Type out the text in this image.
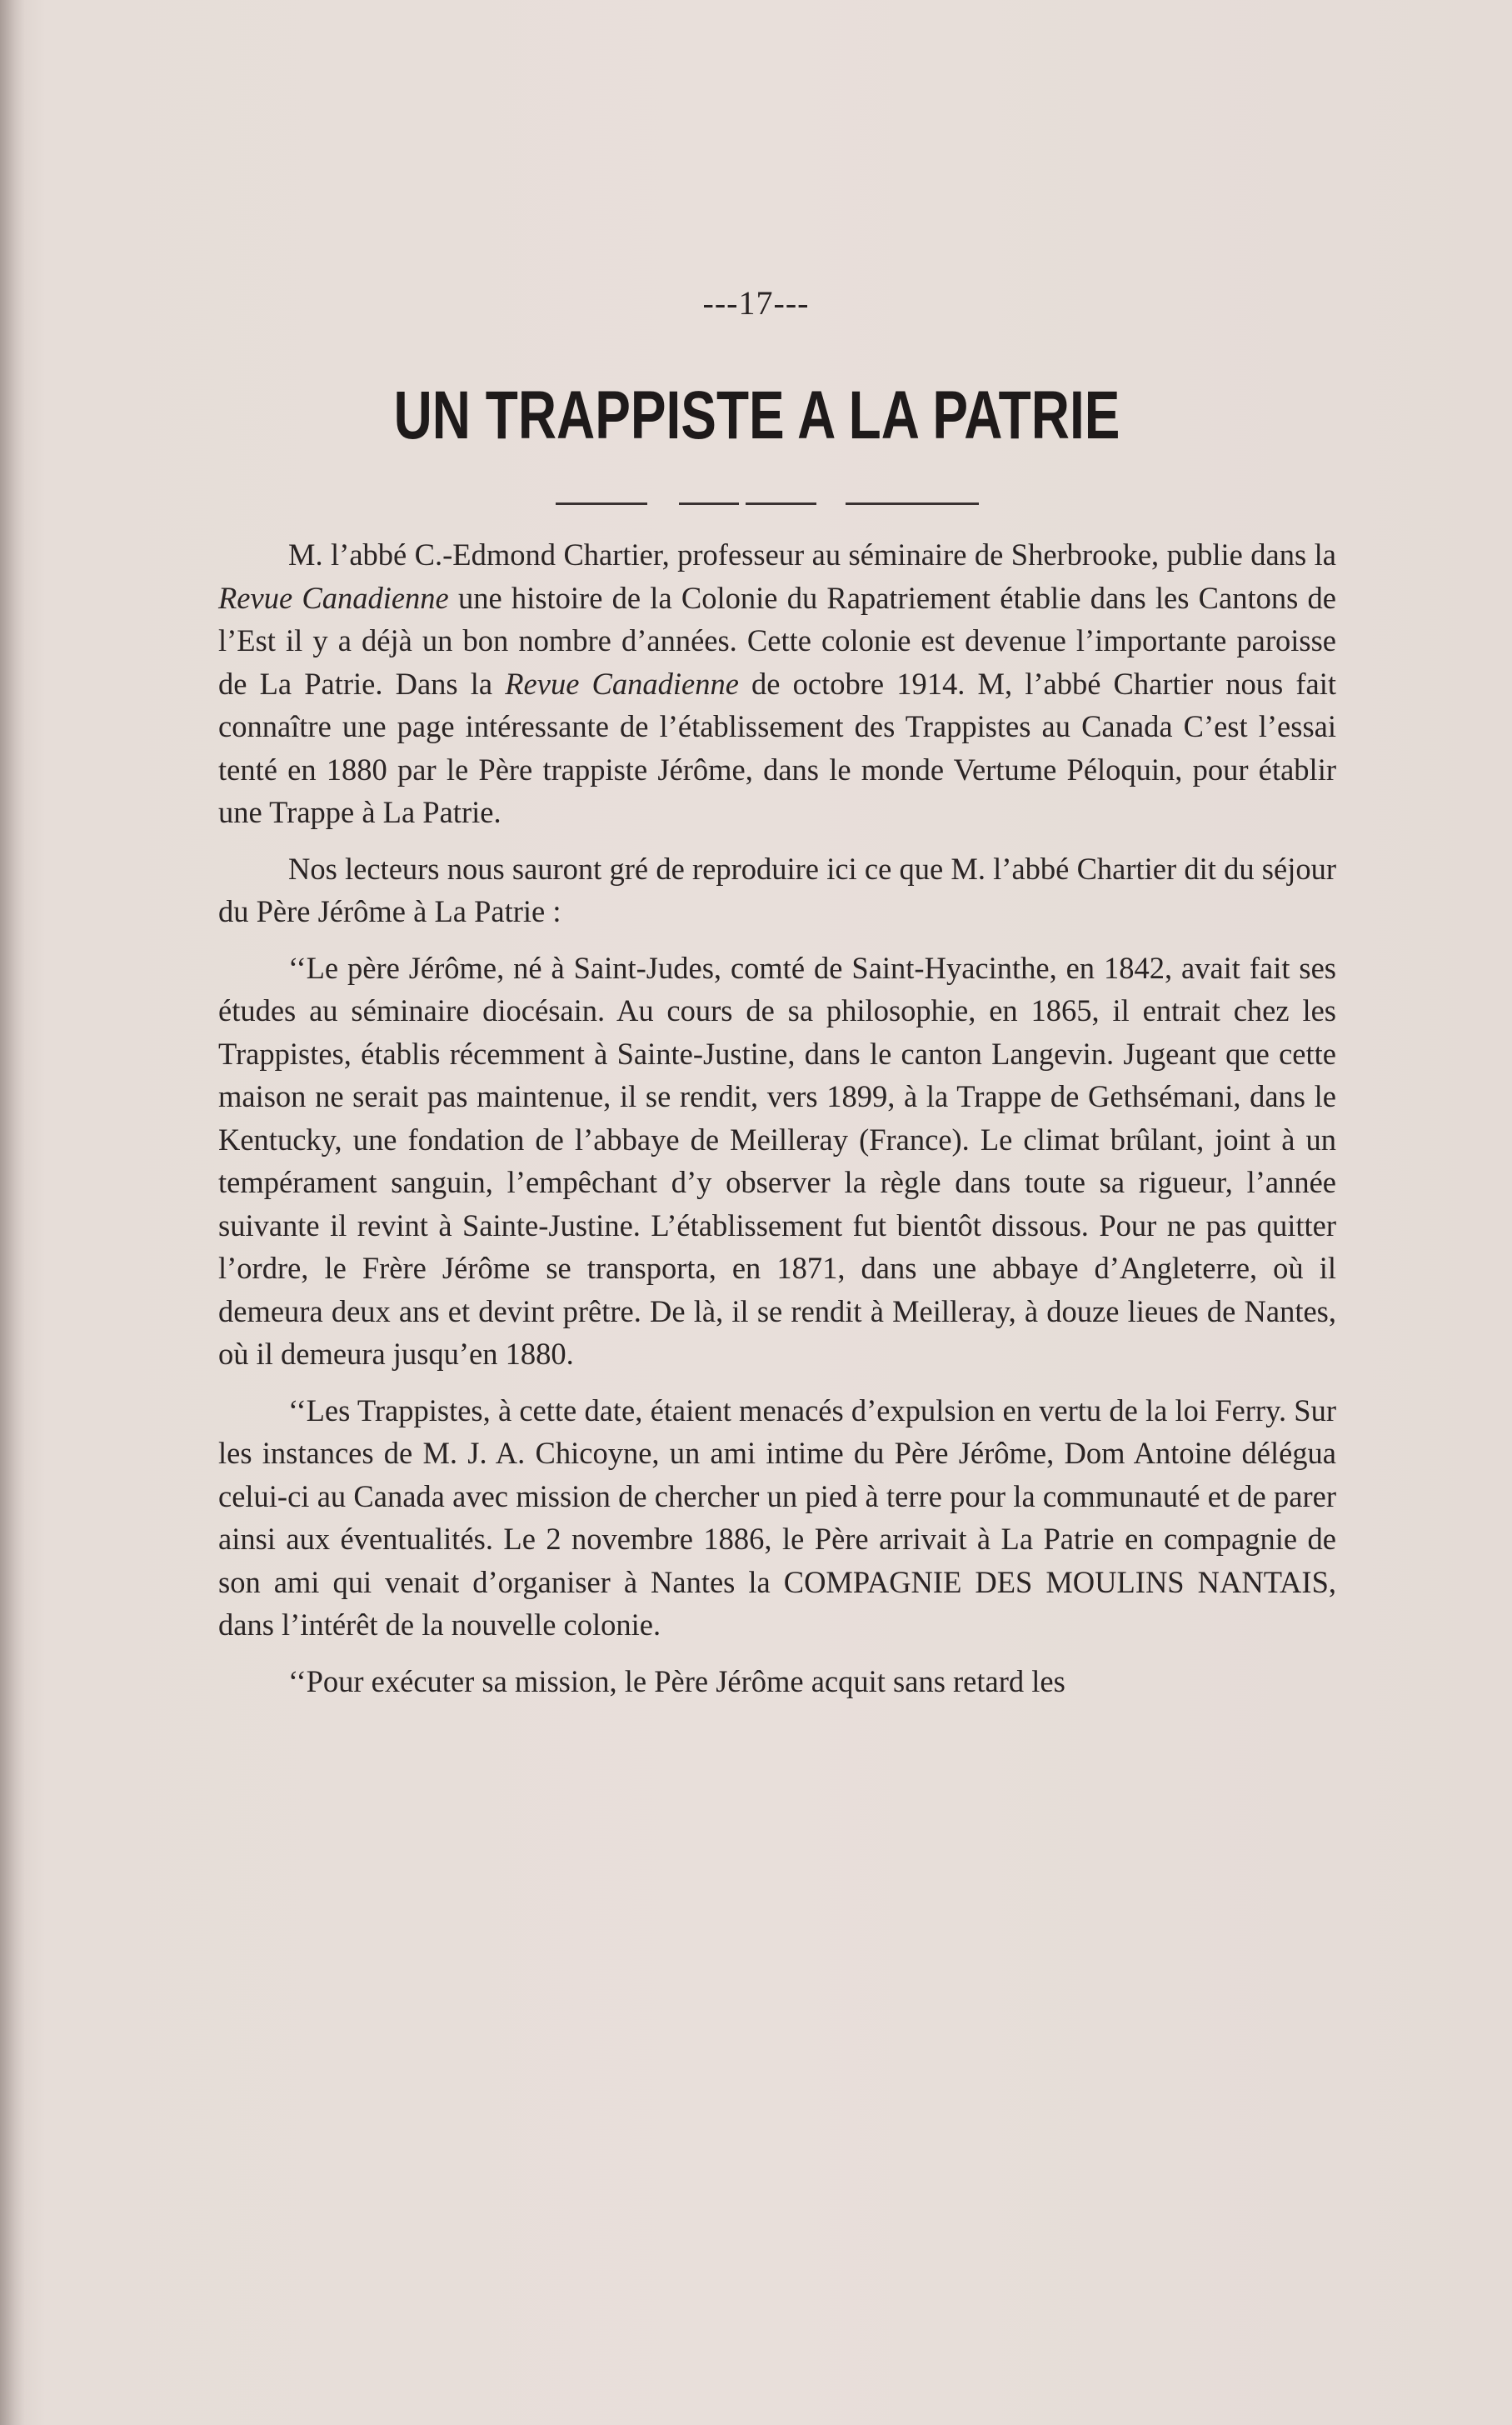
---17---
UN TRAPPISTE A LA PATRIE

M. l’abbé C.-Edmond Chartier, professeur au séminaire de Sherbrooke, publie dans la Revue Canadienne une histoire de la Colonie du Rapatriement établie dans les Cantons de l’Est il y a déjà un bon nombre d’années. Cette colonie est devenue l’importante paroisse de La Patrie. Dans la Revue Canadienne de octobre 1914. M, l’abbé Chartier nous fait connaître une page intéressante de l’établissement des Trappistes au Canada C’est l’essai tenté en 1880 par le Père trappiste Jérôme, dans le monde Vertume Péloquin, pour établir une Trappe à La Patrie.

Nos lecteurs nous sauront gré de reproduire ici ce que M. l’abbé Chartier dit du séjour du Père Jérôme à La Patrie :

‘‘Le père Jérôme, né à Saint-Judes, comté de Saint-Hyacinthe, en 1842, avait fait ses études au séminaire diocésain. Au cours de sa philosophie, en 1865, il entrait chez les Trappistes, établis récemment à Sainte-Justine, dans le canton Langevin. Jugeant que cette maison ne serait pas maintenue, il se rendit, vers 1899, à la Trappe de Gethsémani, dans le Kentucky, une fondation de l’abbaye de Meilleray (France). Le climat brûlant, joint à un tempérament sanguin, l’empêchant d’y observer la règle dans toute sa rigueur, l’année suivante il revint à Sainte-Justine. L’établissement fut bientôt dissous. Pour ne pas quitter l’ordre, le Frère Jérôme se transporta, en 1871, dans une abbaye d’Angleterre, où il demeura deux ans et devint prêtre. De là, il se rendit à Meilleray, à douze lieues de Nantes, où il demeura jusqu’en 1880.

‘‘Les Trappistes, à cette date, étaient menacés d’expulsion en vertu de la loi Ferry. Sur les instances de M. J. A. Chicoyne, un ami intime du Père Jérôme, Dom Antoine délégua celui-ci au Canada avec mission de chercher un pied à terre pour la communauté et de parer ainsi aux éventualités. Le 2 novembre 1886, le Père arrivait à La Patrie en compagnie de son ami qui venait d’organiser à Nantes la COMPAGNIE DES MOULINS NANTAIS, dans l’intérêt de la nouvelle colonie.

‘‘Pour exécuter sa mission, le Père Jérôme acquit sans retard les
